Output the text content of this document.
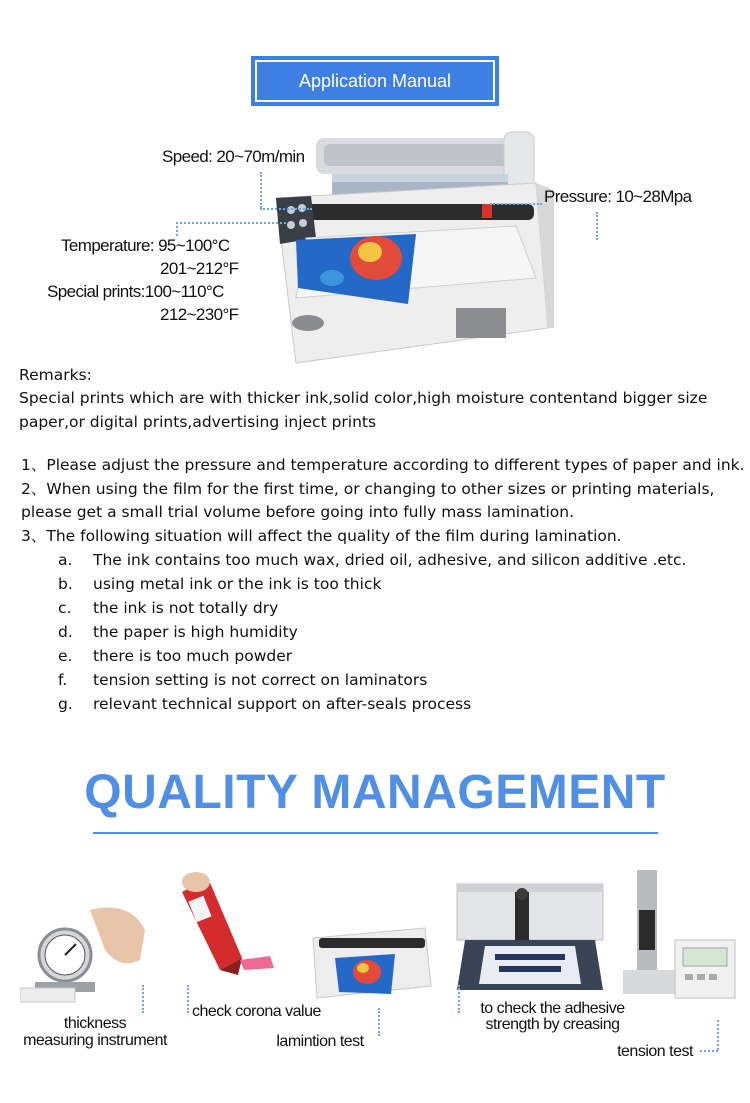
Application Manual
Speed: 20~70m/min
Pressure: 10~28Mpa
Temperature: 95~100°C
201~212°F
Special prints:100~110°C
212~230°F
Remarks:
Special prints which are with thicker ink,solid color,high moisture contentand bigger size
paper,or digital prints,advertising inject prints
1、Please adjust the pressure and temperature according to different types of paper and ink.
2、When using the film for the first time, or changing to other sizes or printing materials,
please get a small trial volume before going into fully mass lamination.
3、The following situation will affect the quality of the film during lamination.
a. The ink contains too much wax, dried oil, adhesive, and silicon additive .etc.
b. using metal ink or the ink is too thick
c. the ink is not totally dry
d. the paper is high humidity
e. there is too much powder
f. tension setting is not correct on laminators
g. relevant technical support on after-seals process
QUALITY MANAGEMENT
thickness
measuring instrument
check corona value
lamintion test
to check the adhesive
strength by creasing
tension test
